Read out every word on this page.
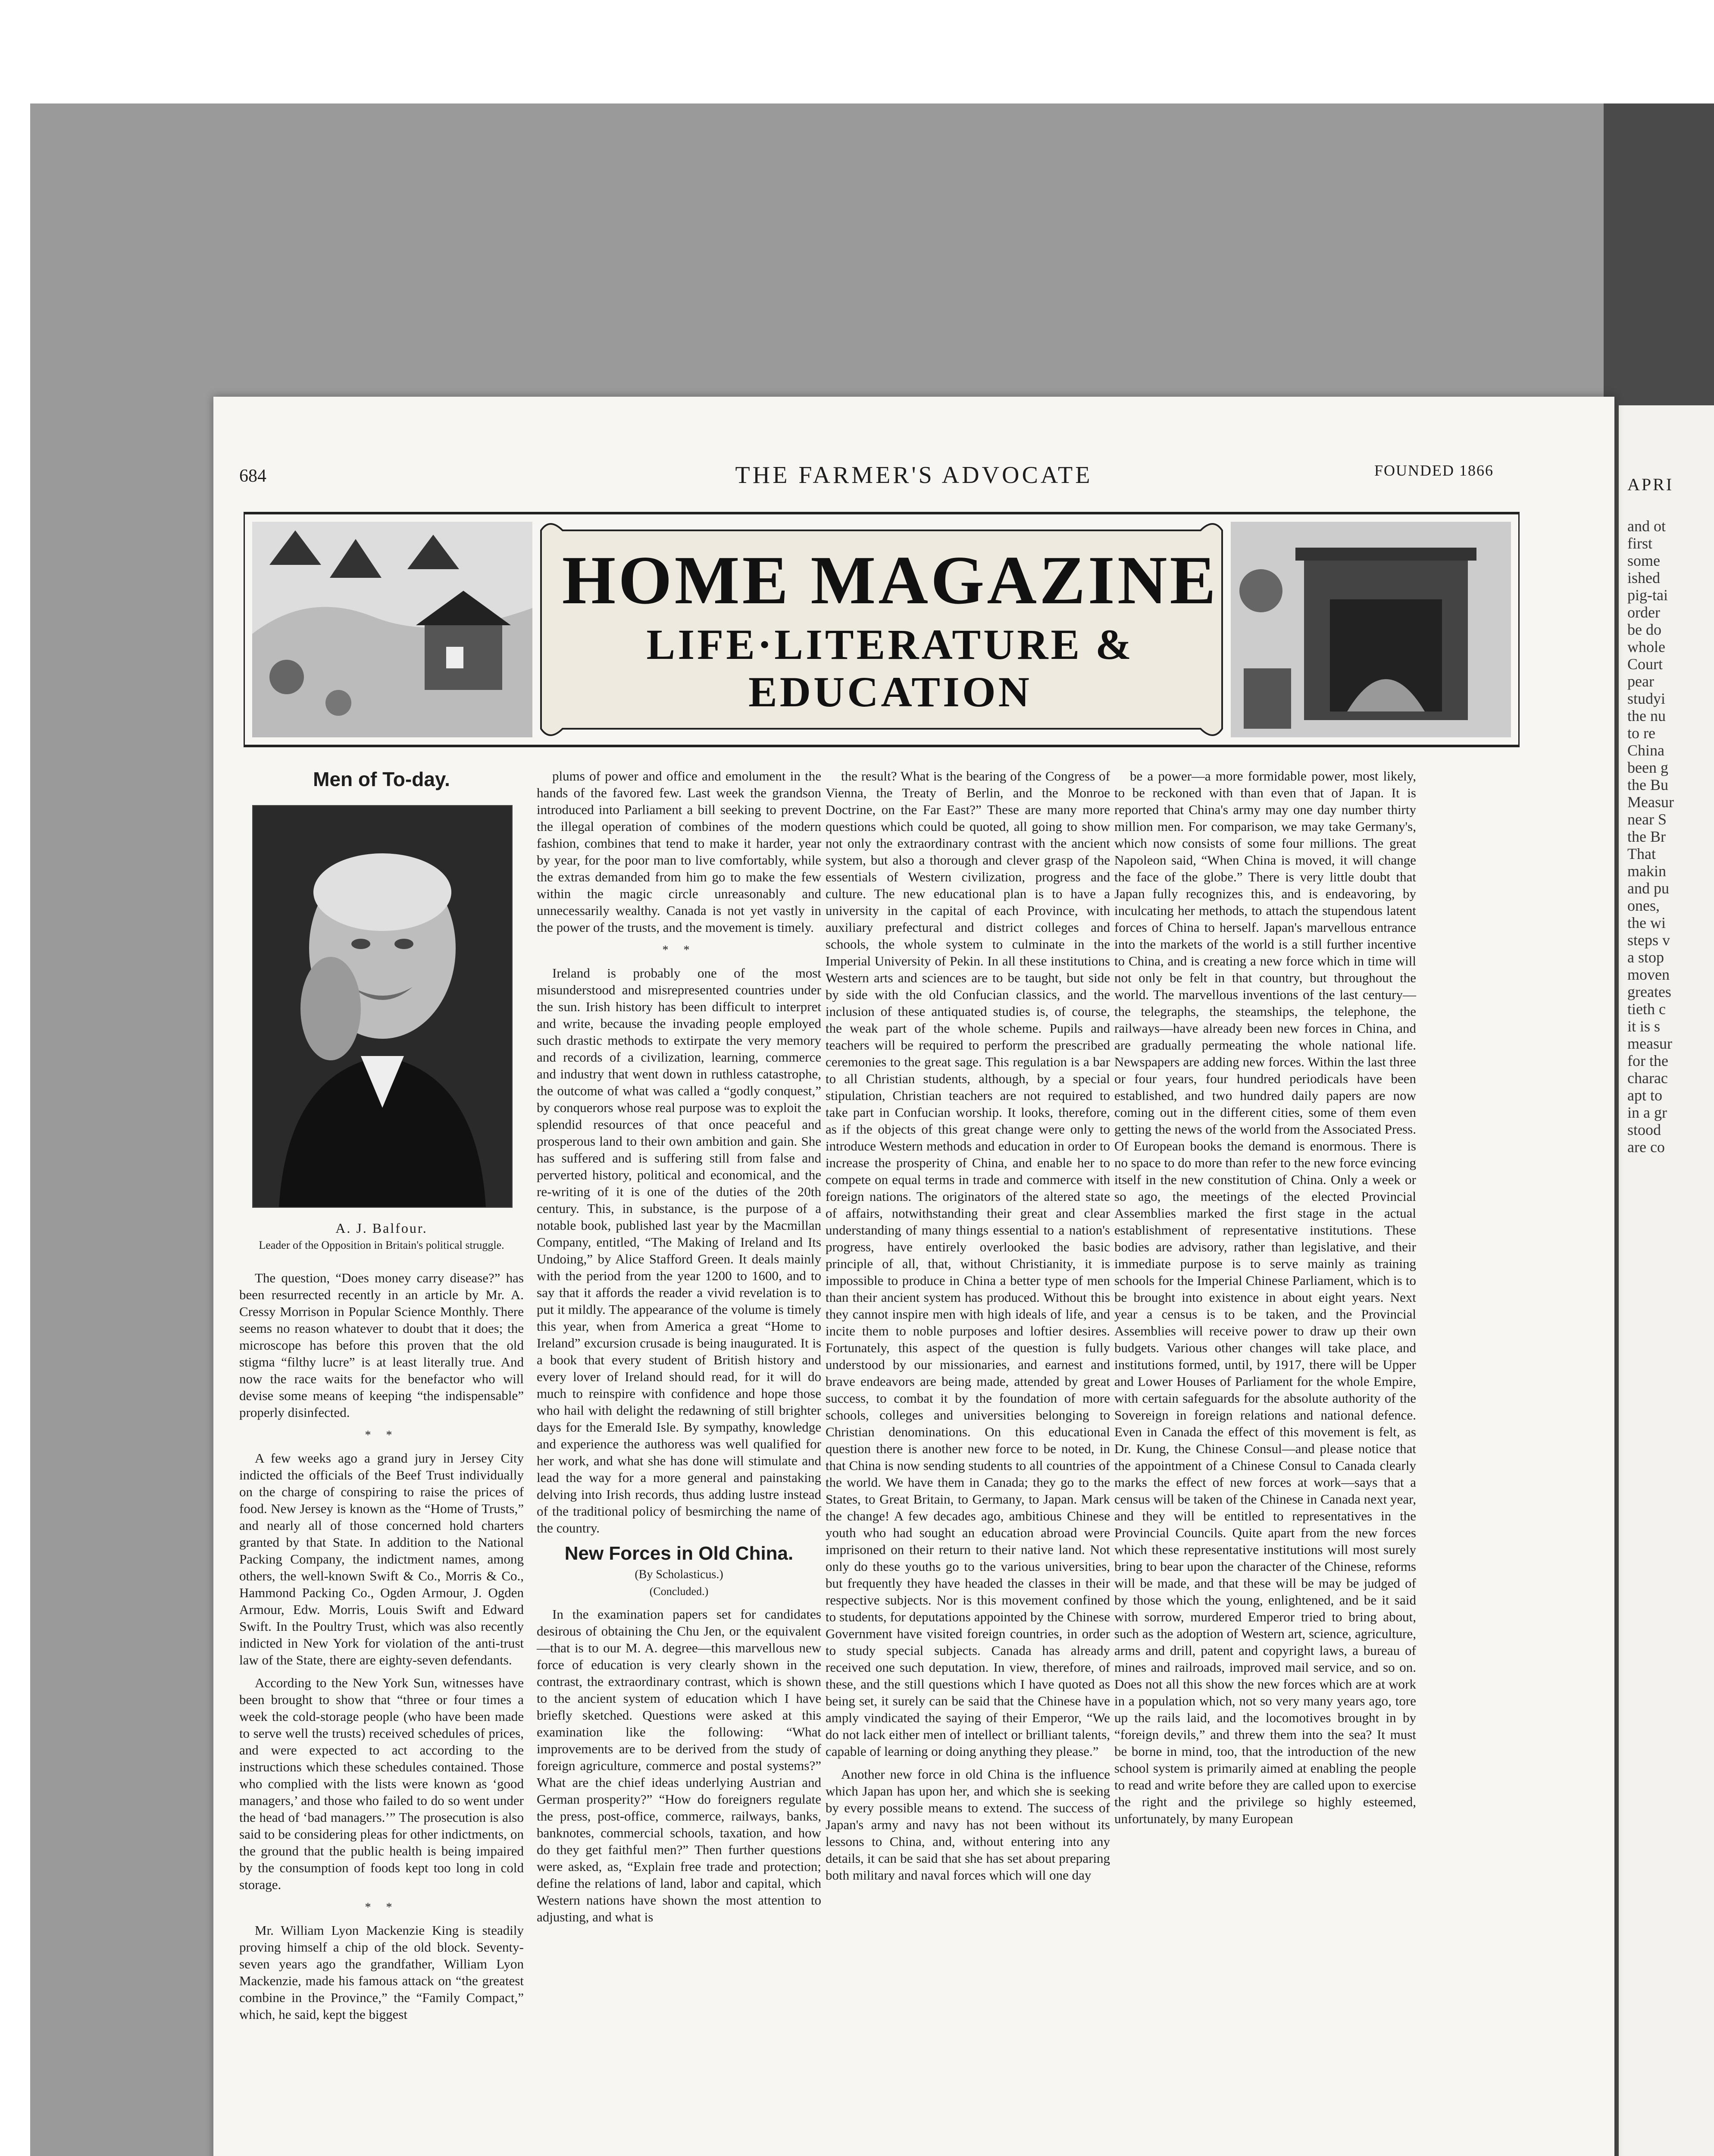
APRI
and ot
first
some
ished
pig-tai
order
be do
whole
Court
pear
studyi
the nu
to re
China
been g
the Bu
Measur
near S
the Br
That
makin
and pu
ones,
the wi
steps v
a stop
moven
greates
tieth c
it is s
measur
for the
charac
apt to
in a gr
stood
are co
684	THE FARMER'S ADVOCATE	FOUNDED 1866
HOME MAGAZINE
LIFE·LITERATURE &
EDUCATION
Men of To-day.
A. J. Balfour.
Leader of the Opposition in Britain's political struggle.

The question, “Does money carry disease?” has been resurrected recently in an article by Mr. A. Cressy Morrison in Popular Science Monthly. There seems no reason whatever to doubt that it does; the microscope has before this proven that the old stigma “filthy lucre” is at least literally true. And now the race waits for the benefactor who will devise some means of keeping “the indispensable” properly disinfected.

* *

A few weeks ago a grand jury in Jersey City indicted the officials of the Beef Trust individually on the charge of conspiring to raise the prices of food. New Jersey is known as the “Home of Trusts,” and nearly all of those concerned hold charters granted by that State. In addition to the National Packing Company, the indictment names, among others, the well-known Swift & Co., Morris & Co., Hammond Packing Co., Ogden Armour, J. Ogden Armour, Edw. Morris, Louis Swift and Edward Swift. In the Poultry Trust, which was also recently indicted in New York for violation of the anti-trust law of the State, there are eighty-seven defendants.

According to the New York Sun, witnesses have been brought to show that “three or four times a week the cold-storage people (who have been made to serve well the trusts) received schedules of prices, and were expected to act according to the instructions which these schedules contained. Those who complied with the lists were known as ‘good managers,’ and those who failed to do so went under the head of ‘bad managers.’” The prosecution is also said to be considering pleas for other indictments, on the ground that the public health is being impaired by the consumption of foods kept too long in cold storage.

* *

Mr. William Lyon Mackenzie King is steadily proving himself a chip of the old block. Seventy-seven years ago the grandfather, William Lyon Mackenzie, made his famous attack on “the greatest combine in the Province,” the “Family Compact,” which, he said, kept the biggest

plums of power and office and emolument in the hands of the favored few. Last week the grandson introduced into Parliament a bill seeking to prevent the illegal operation of combines of the modern fashion, combines that tend to make it harder, year by year, for the poor man to live comfortably, while the extras demanded from him go to make the few within the magic circle unreasonably and unnecessarily wealthy. Canada is not yet vastly in the power of the trusts, and the movement is timely.

* *

Ireland is probably one of the most misunderstood and misrepresented countries under the sun. Irish history has been difficult to interpret and write, because the invading people employed such drastic methods to extirpate the very memory and records of a civilization, learning, commerce and industry that went down in ruthless catastrophe, the outcome of what was called a “godly conquest,” by conquerors whose real purpose was to exploit the splendid resources of that once peaceful and prosperous land to their own ambition and gain. She has suffered and is suffering still from false and perverted history, political and economical, and the re-writing of it is one of the duties of the 20th century. This, in substance, is the purpose of a notable book, published last year by the Macmillan Company, entitled, “The Making of Ireland and Its Undoing,” by Alice Stafford Green. It deals mainly with the period from the year 1200 to 1600, and to say that it affords the reader a vivid revelation is to put it mildly. The appearance of the volume is timely this year, when from America a great “Home to Ireland” excursion crusade is being inaugurated. It is a book that every student of British history and every lover of Ireland should read, for it will do much to reinspire with confidence and hope those who hail with delight the redawning of still brighter days for the Emerald Isle. By sympathy, knowledge and experience the authoress was well qualified for her work, and what she has done will stimulate and lead the way for a more general and painstaking delving into Irish records, thus adding lustre instead of the traditional policy of besmirching the name of the country.

New Forces in Old China.
(By Scholasticus.)
(Concluded.)

In the examination papers set for candidates desirous of obtaining the Chu Jen, or the equivalent—that is to our M. A. degree—this marvellous new force of education is very clearly shown in the contrast, the extraordinary contrast, which is shown to the ancient system of education which I have briefly sketched. Questions were asked at this examination like the following: “What improvements are to be derived from the study of foreign agriculture, commerce and postal systems?” What are the chief ideas underlying Austrian and German prosperity?” “How do foreigners regulate the press, post-office, commerce, railways, banks, banknotes, commercial schools, taxation, and how do they get faithful men?” Then further questions were asked, as, “Explain free trade and protection; define the relations of land, labor and capital, which Western nations have shown the most attention to adjusting, and what is

the result? What is the bearing of the Congress of Vienna, the Treaty of Berlin, and the Monroe Doctrine, on the Far East?” These are many more questions which could be quoted, all going to show not only the extraordinary contrast with the ancient system, but also a thorough and clever grasp of the essentials of Western civilization, progress and culture. The new educational plan is to have a university in the capital of each Province, with auxiliary prefectural and district colleges and schools, the whole system to culminate in the Imperial University of Pekin. In all these institutions Western arts and sciences are to be taught, but side by side with the old Confucian classics, and the inclusion of these antiquated studies is, of course, the weak part of the whole scheme. Pupils and teachers will be required to perform the prescribed ceremonies to the great sage. This regulation is a bar to all Christian students, although, by a special stipulation, Christian teachers are not required to take part in Confucian worship. It looks, therefore, as if the objects of this great change were only to introduce Western methods and education in order to increase the prosperity of China, and enable her to compete on equal terms in trade and commerce with foreign nations. The originators of the altered state of affairs, notwithstanding their great and clear understanding of many things essential to a nation's progress, have entirely overlooked the basic principle of all, that, without Christianity, it is impossible to produce in China a better type of men than their ancient system has produced. Without this they cannot inspire men with high ideals of life, and incite them to noble purposes and loftier desires. Fortunately, this aspect of the question is fully understood by our missionaries, and earnest and brave endeavors are being made, attended by great success, to combat it by the foundation of more schools, colleges and universities belonging to Christian denominations. On this educational question there is another new force to be noted, in that China is now sending students to all countries of the world. We have them in Canada; they go to the States, to Great Britain, to Germany, to Japan. Mark the change! A few decades ago, ambitious Chinese youth who had sought an education abroad were imprisoned on their return to their native land. Not only do these youths go to the various universities, but frequently they have headed the classes in their respective subjects. Nor is this movement confined to students, for deputations appointed by the Chinese Government have visited foreign countries, in order to study special subjects. Canada has already received one such deputation. In view, therefore, of these, and the still questions which I have quoted as being set, it surely can be said that the Chinese have amply vindicated the saying of their Emperor, “We do not lack either men of intellect or brilliant talents, capable of learning or doing anything they please.”

Another new force in old China is the influence which Japan has upon her, and which she is seeking by every possible means to extend. The success of Japan's army and navy has not been without its lessons to China, and, without entering into any details, it can be said that she has set about preparing both military and naval forces which will one day

be a power—a more formidable power, most likely, to be reckoned with than even that of Japan. It is reported that China's army may one day number thirty million men. For comparison, we may take Germany's, which now consists of some four millions. The great Napoleon said, “When China is moved, it will change the face of the globe.” There is very little doubt that Japan fully recognizes this, and is endeavoring, by inculcating her methods, to attach the stupendous latent forces of China to herself. Japan's marvellous entrance into the markets of the world is a still further incentive to China, and is creating a new force which in time will not only be felt in that country, but throughout the world. The marvellous inventions of the last century—the telegraphs, the steamships, the telephone, the railways—have already been new forces in China, and are gradually permeating the whole national life. Newspapers are adding new forces. Within the last three or four years, four hundred periodicals have been established, and two hundred daily papers are now coming out in the different cities, some of them even getting the news of the world from the Associated Press. Of European books the demand is enormous. There is no space to do more than refer to the new force evincing itself in the new constitution of China. Only a week or so ago, the meetings of the elected Provincial Assemblies marked the first stage in the actual establishment of representative institutions. These bodies are advisory, rather than legislative, and their immediate purpose is to serve mainly as training schools for the Imperial Chinese Parliament, which is to be brought into existence in about eight years. Next year a census is to be taken, and the Provincial Assemblies will receive power to draw up their own budgets. Various other changes will take place, and institutions formed, until, by 1917, there will be Upper and Lower Houses of Parliament for the whole Empire, with certain safeguards for the absolute authority of the Sovereign in foreign relations and national defence. Even in Canada the effect of this movement is felt, as Dr. Kung, the Chinese Consul—and please notice that the appointment of a Chinese Consul to Canada clearly marks the effect of new forces at work—says that a census will be taken of the Chinese in Canada next year, and they will be entitled to representatives in the Provincial Councils. Quite apart from the new forces which these representative institutions will most surely bring to bear upon the character of the Chinese, reforms will be made, and that these will be may be judged of by those which the young, enlightened, and be it said with sorrow, murdered Emperor tried to bring about, such as the adoption of Western art, science, agriculture, arms and drill, patent and copyright laws, a bureau of mines and railroads, improved mail service, and so on. Does not all this show the new forces which are at work in a population which, not so very many years ago, tore up the rails laid, and the locomotives brought in by “foreign devils,” and threw them into the sea? It must be borne in mind, too, that the introduction of the new school system is primarily aimed at enabling the people to read and write before they are called upon to exercise the right and the privilege so highly esteemed, unfortunately, by many European
